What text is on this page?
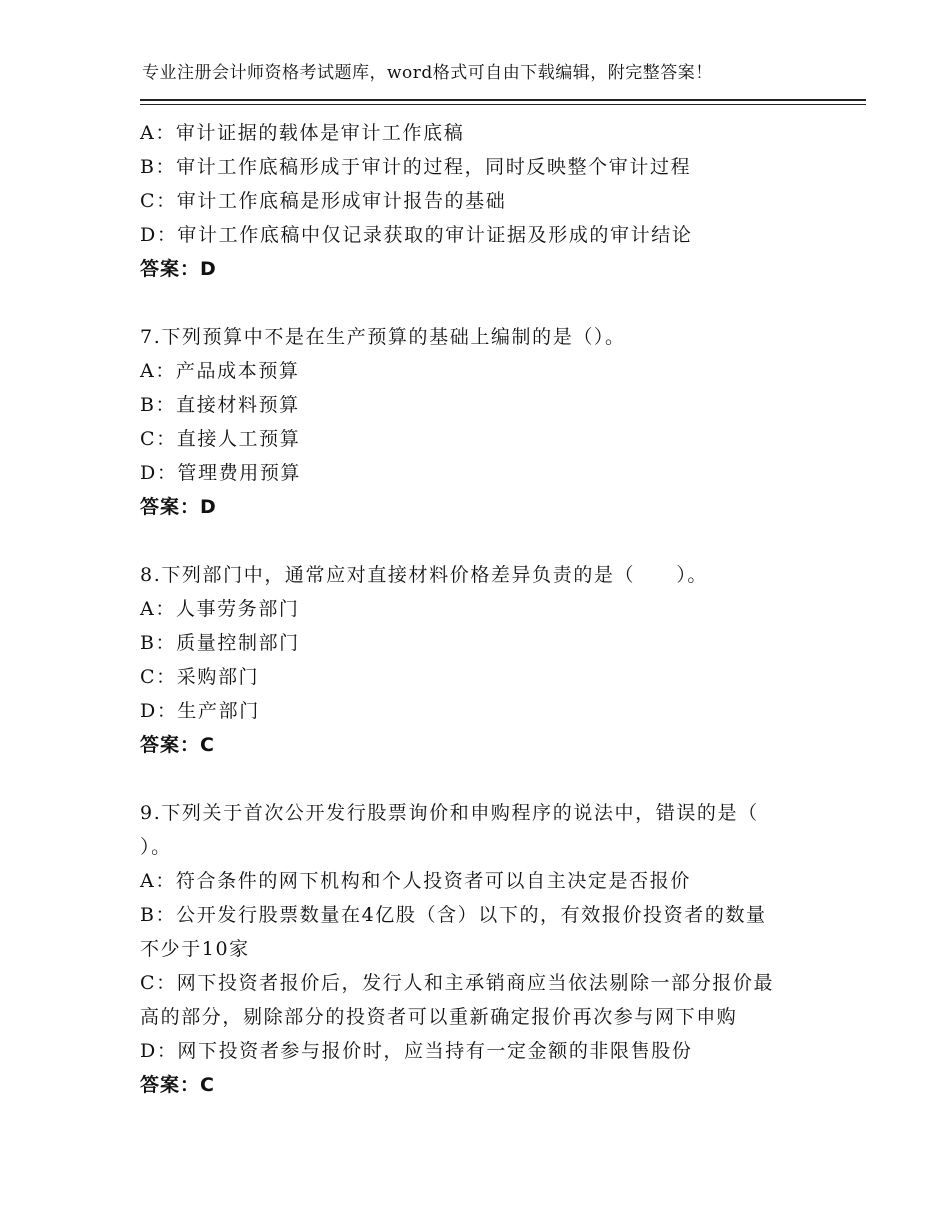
专业注册会计师资格考试题库，word格式可自由下载编辑，附完整答案！
A：审计证据的载体是审计工作底稿
B：审计工作底稿形成于审计的过程，同时反映整个审计过程
C：审计工作底稿是形成审计报告的基础
D：审计工作底稿中仅记录获取的审计证据及形成的审计结论
答案：D
7.下列预算中不是在生产预算的基础上编制的是（）。
A：产品成本预算
B：直接材料预算
C：直接人工预算
D：管理费用预算
答案：D
8.下列部门中，通常应对直接材料价格差异负责的是（　　）。
A：人事劳务部门
B：质量控制部门
C：采购部门
D：生产部门
答案：C
9.下列关于首次公开发行股票询价和申购程序的说法中，错误的是（
）。
A：符合条件的网下机构和个人投资者可以自主决定是否报价
B：公开发行股票数量在4亿股（含）以下的，有效报价投资者的数量
不少于10家
C：网下投资者报价后，发行人和主承销商应当依法剔除一部分报价最
高的部分，剔除部分的投资者可以重新确定报价再次参与网下申购
D：网下投资者参与报价时，应当持有一定金额的非限售股份
答案：C
